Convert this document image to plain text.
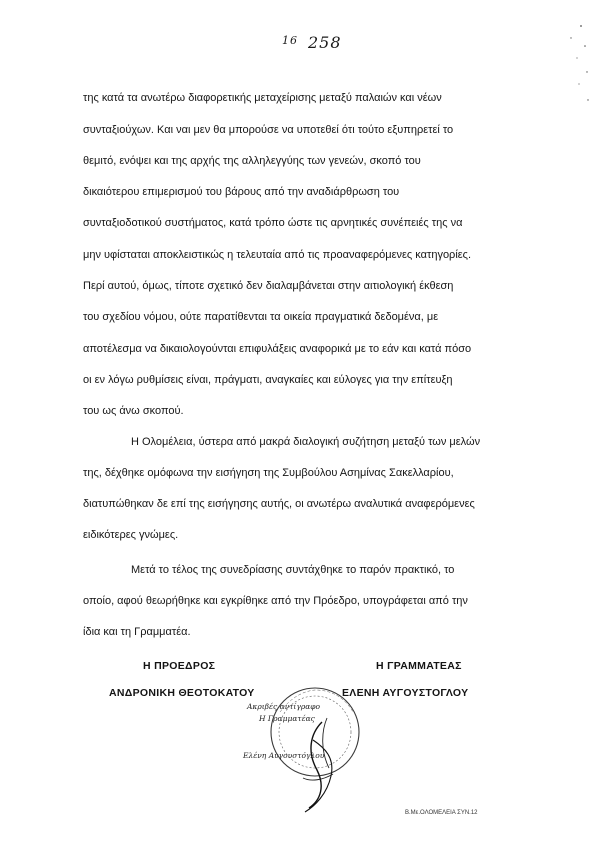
$^{16}$ 258
της κατά τα ανωτέρω διαφορετικής μεταχείρισης μεταξύ παλαιών και νέων
συνταξιούχων. Και ναι μεν θα μπορούσε να υποτεθεί ότι τούτο εξυπηρετεί το
θεμιτό, ενόψει και της αρχής της αλληλεγγύης των γενεών, σκοπό του
δικαιότερου επιμερισμού του βάρους από την αναδιάρθρωση του
συνταξιοδοτικού συστήματος, κατά τρόπο ώστε τις αρνητικές συνέπειές της να
μην υφίσταται αποκλειστικώς η τελευταία από τις προαναφερόμενες κατηγορίες.
Περί αυτού, όμως, τίποτε σχετικό δεν διαλαμβάνεται στην αιτιολογική έκθεση
του σχεδίου νόμου, ούτε παρατίθενται τα οικεία πραγματικά δεδομένα, με
αποτέλεσμα να δικαιολογούνται επιφυλάξεις αναφορικά με το εάν και κατά πόσο
οι εν λόγω ρυθμίσεις είναι, πράγματι, αναγκαίες και εύλογες για την επίτευξη
του ως άνω σκοπού.
Η Ολομέλεια, ύστερα από μακρά διαλογική συζήτηση μεταξύ των μελών
της, δέχθηκε ομόφωνα την εισήγηση της Συμβούλου Ασημίνας Σακελλαρίου,
διατυπώθηκαν δε επί της εισήγησης αυτής, οι ανωτέρω αναλυτικά αναφερόμενες
ειδικότερες γνώμες.
Μετά το τέλος της συνεδρίασης συντάχθηκε το παρόν πρακτικό, το
οποίο, αφού θεωρήθηκε και εγκρίθηκε από την Πρόεδρο, υπογράφεται από την
ίδια και τη Γραμματέα.
Η ΠΡΟΕΔΡΟΣ
ΑΝΔΡΟΝΙΚΗ ΘΕΟΤΟΚΑΤΟΥ
Η ΓΡΑΜΜΑΤΕΑΣ
ΕΛΕΝΗ ΑΥΓΟΥΣΤΟΓΛΟΥ
Ακριβές αντίγραφο
Η Γραμματέας
Ελένη Αυγουστόγλου
Β.Με.ΟΛΟΜΕΛΕΙΑ ΣΥΝ.12
